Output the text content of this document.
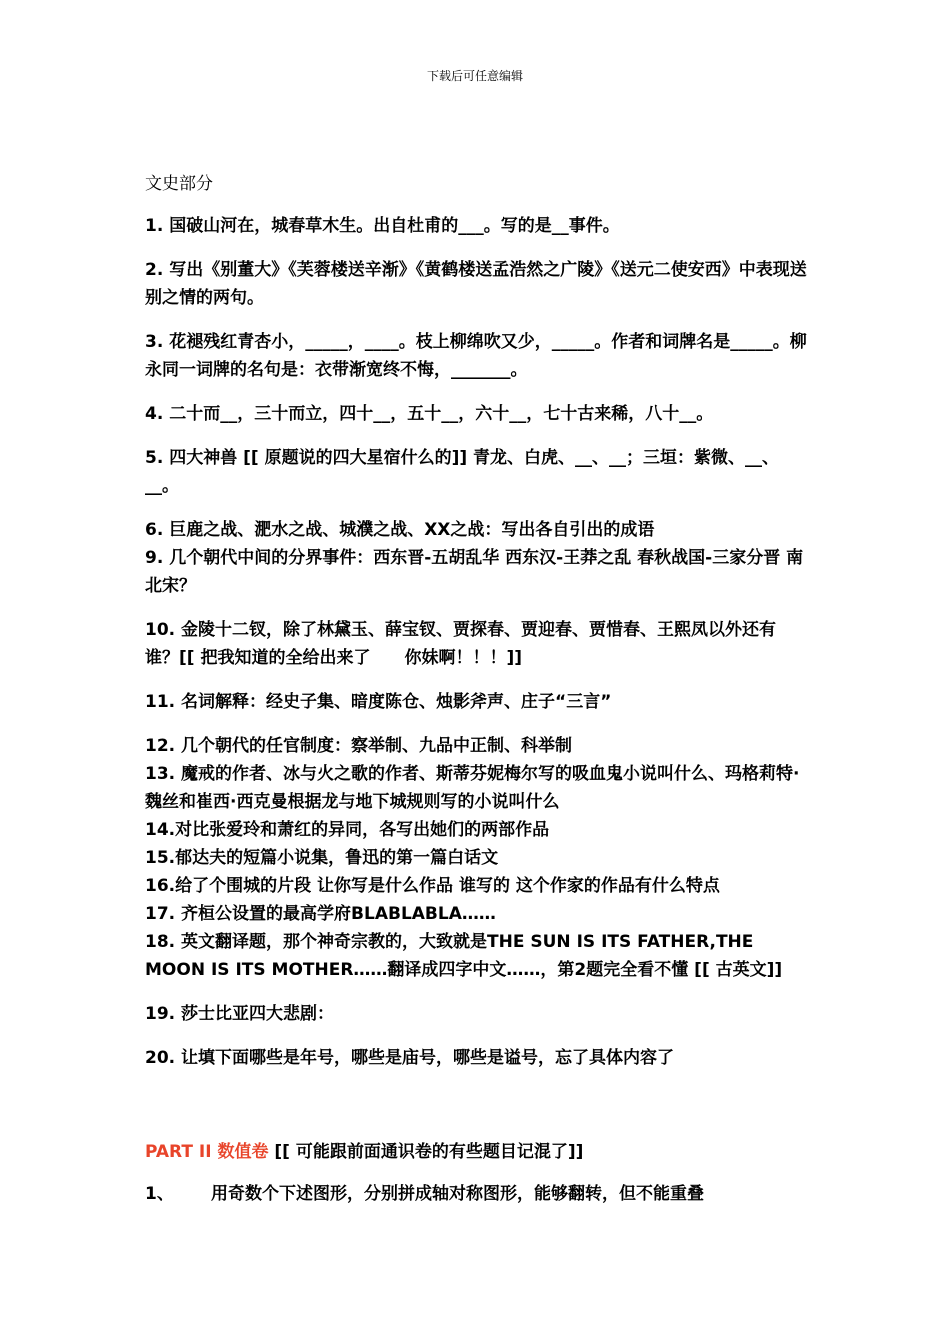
下载后可任意编辑

文史部分

1. 国破山河在，城春草木生。出自杜甫的___。写的是__事件。

2. 写出《别董大》《芙蓉楼送辛渐》《黄鹤楼送孟浩然之广陵》《送元二使安西》中表现送别之情的两句。

3. 花褪残红青杏小，_____，____。枝上柳绵吹又少，_____。作者和词牌名是_____。柳永同一词牌的名句是：衣带渐宽终不悔，_______。

4. 二十而__，三十而立，四十__，五十__，六十__，七十古来稀，八十__。

5. 四大神兽 [[ 原题说的四大星宿什么的]] 青龙、白虎、__、__；三垣：紫微、__、__。

6. 巨鹿之战、淝水之战、城濮之战、XX之战：写出各自引出的成语

9. 几个朝代中间的分界事件：西东晋-五胡乱华 西东汉-王莽之乱 春秋战国-三家分晋 南北宋？

10. 金陵十二钗，除了林黛玉、薛宝钗、贾探春、贾迎春、贾惜春、王熙凤以外还有谁？[[ 把我知道的全给出来了　　你妹啊！！！]]

11. 名词解释：经史子集、暗度陈仓、烛影斧声、庄子“三言”

12. 几个朝代的任官制度：察举制、九品中正制、科举制

13. 魔戒的作者、冰与火之歌的作者、斯蒂芬妮梅尔写的吸血鬼小说叫什么、玛格莉特·魏丝和崔西·西克曼根据龙与地下城规则写的小说叫什么

14.对比张爱玲和萧红的异同，各写出她们的两部作品

15.郁达夫的短篇小说集，鲁迅的第一篇白话文

16.给了个围城的片段 让你写是什么作品 谁写的 这个作家的作品有什么特点

17. 齐桓公设置的最高学府BLABLABLA……

18. 英文翻译题，那个神奇宗教的，大致就是THE SUN IS ITS FATHER,THE MOON IS ITS MOTHER……翻译成四字中文……，第2题完全看不懂 [[ 古英文]]

19. 莎士比亚四大悲剧：

20. 让填下面哪些是年号，哪些是庙号，哪些是谥号，忘了具体内容了

PART II 数值卷 [[ 可能跟前面通识卷的有些题目记混了]]

1、 用奇数个下述图形，分别拼成轴对称图形，能够翻转，但不能重叠
